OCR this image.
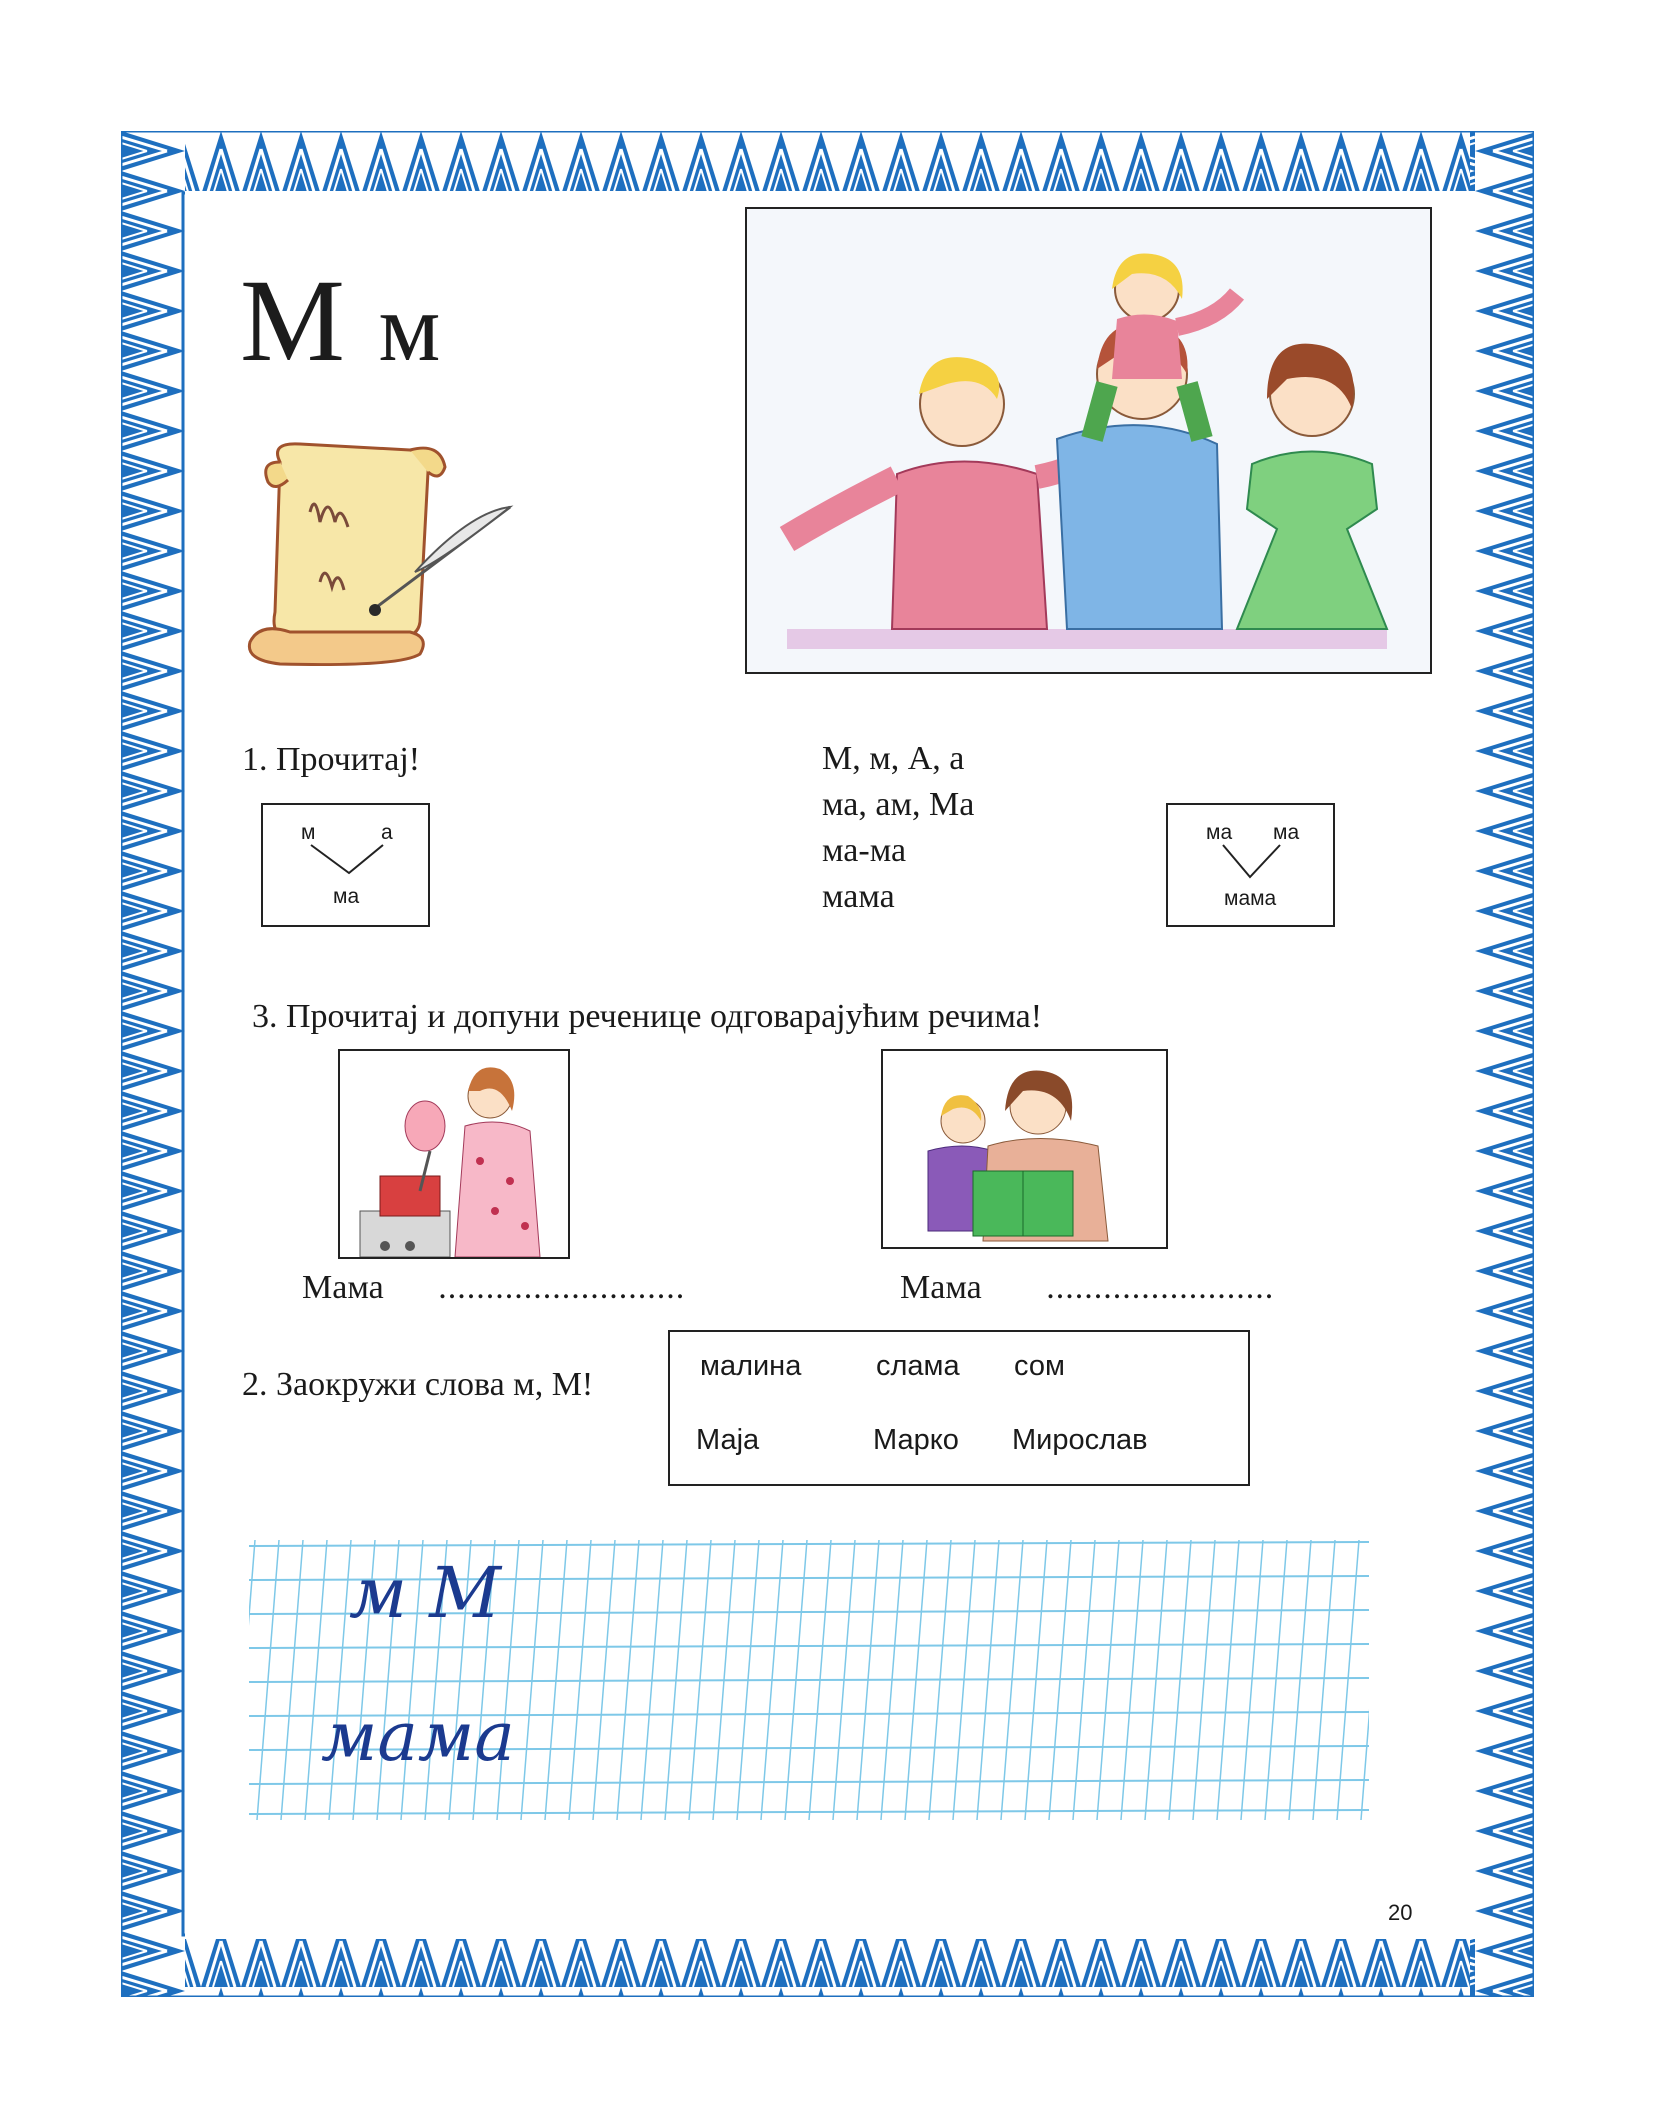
М м
1. Прочитај!
м	а
ма
М, м, А, а
ма, ам, Ма
ма-ма
мама
ма ма
мама
3. Прочитај и допуни реченице одговарајућим речима!
Мама ..........................	Мама ........................
2. Заокружи слова м, М!	малина	слама сом
Маја	Марко Мирослав
м М
мама
20
